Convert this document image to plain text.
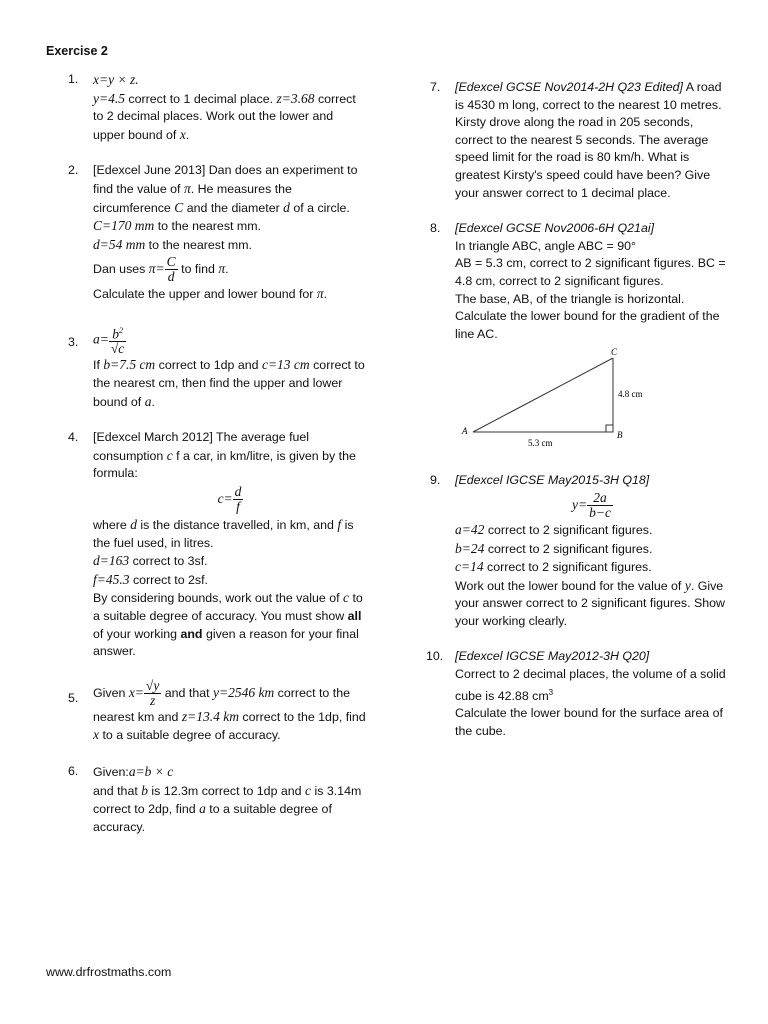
Exercise 2
1. x=y × z.
y=4.5 correct to 1 decimal place. z=3.68 correct to 2 decimal places. Work out the lower and upper bound of x.
2. [Edexcel June 2013] Dan does an experiment to find the value of π. He measures the circumference C and the diameter d of a circle.
C=170 mm to the nearest mm.
d=54 mm to the nearest mm.
Dan uses $\pi= \frac{C}{d}$ to find π.
Calculate the upper and lower bound for π.
3. $a= \frac{b^2}{√c}$
If b=7.5 cm correct to 1dp and c=13 cm correct to the nearest cm, then find the upper and lower bound of a.
4. [Edexcel March 2012] The average fuel consumption c f a car, in km/litre, is given by the formula:
$c= \frac{d}{f}$
where d is the distance travelled, in km, and f is the fuel used, in litres.
d=163 correct to 3sf.
f=45.3 correct to 2sf.
By considering bounds, work out the value of c to a suitable degree of accuracy. You must show all of your working and given a reason for your final answer.
5. Given $x= \frac{√y}{z}$ and that y=2546 km correct to the nearest km and z=13.4 km correct to the 1dp, find x to a suitable degree of accuracy.
6. Given:a=b × c
and that b is 12.3m correct to 1dp and c is 3.14m correct to 2dp, find a to a suitable degree of accuracy.
7. [Edexcel GCSE Nov2014-2H Q23 Edited] A road is 4530 m long, correct to the nearest 10 metres. Kirsty drove along the road in 205 seconds, correct to the nearest 5 seconds. The average speed limit for the road is 80 km/h. What is greatest Kirsty's speed could have been? Give your answer correct to 1 decimal place.
8. [Edexcel GCSE Nov2006-6H Q21ai]
In triangle ABC, angle ABC = 90°
AB = 5.3 cm, correct to 2 significant figures. BC = 4.8 cm, correct to 2 significant figures.
The base, AB, of the triangle is horizontal.
Calculate the lower bound for the gradient of the line AC.
A	B
C
5.3 cm
4.8 cm
9. [Edexcel IGCSE May2015-3H Q18]
$y= \frac{2a}{b-c}$
a=42 correct to 2 significant figures.
b=24 correct to 2 significant figures.
c=14 correct to 2 significant figures.
Work out the lower bound for the value of y. Give your answer correct to 2 significant figures. Show your working clearly.
10. [Edexcel IGCSE May2012-3H Q20]
Correct to 2 decimal places, the volume of a solid cube is 42.88 $cm^3$
Calculate the lower bound for the surface area of the cube.
www.drfrostmaths.com
